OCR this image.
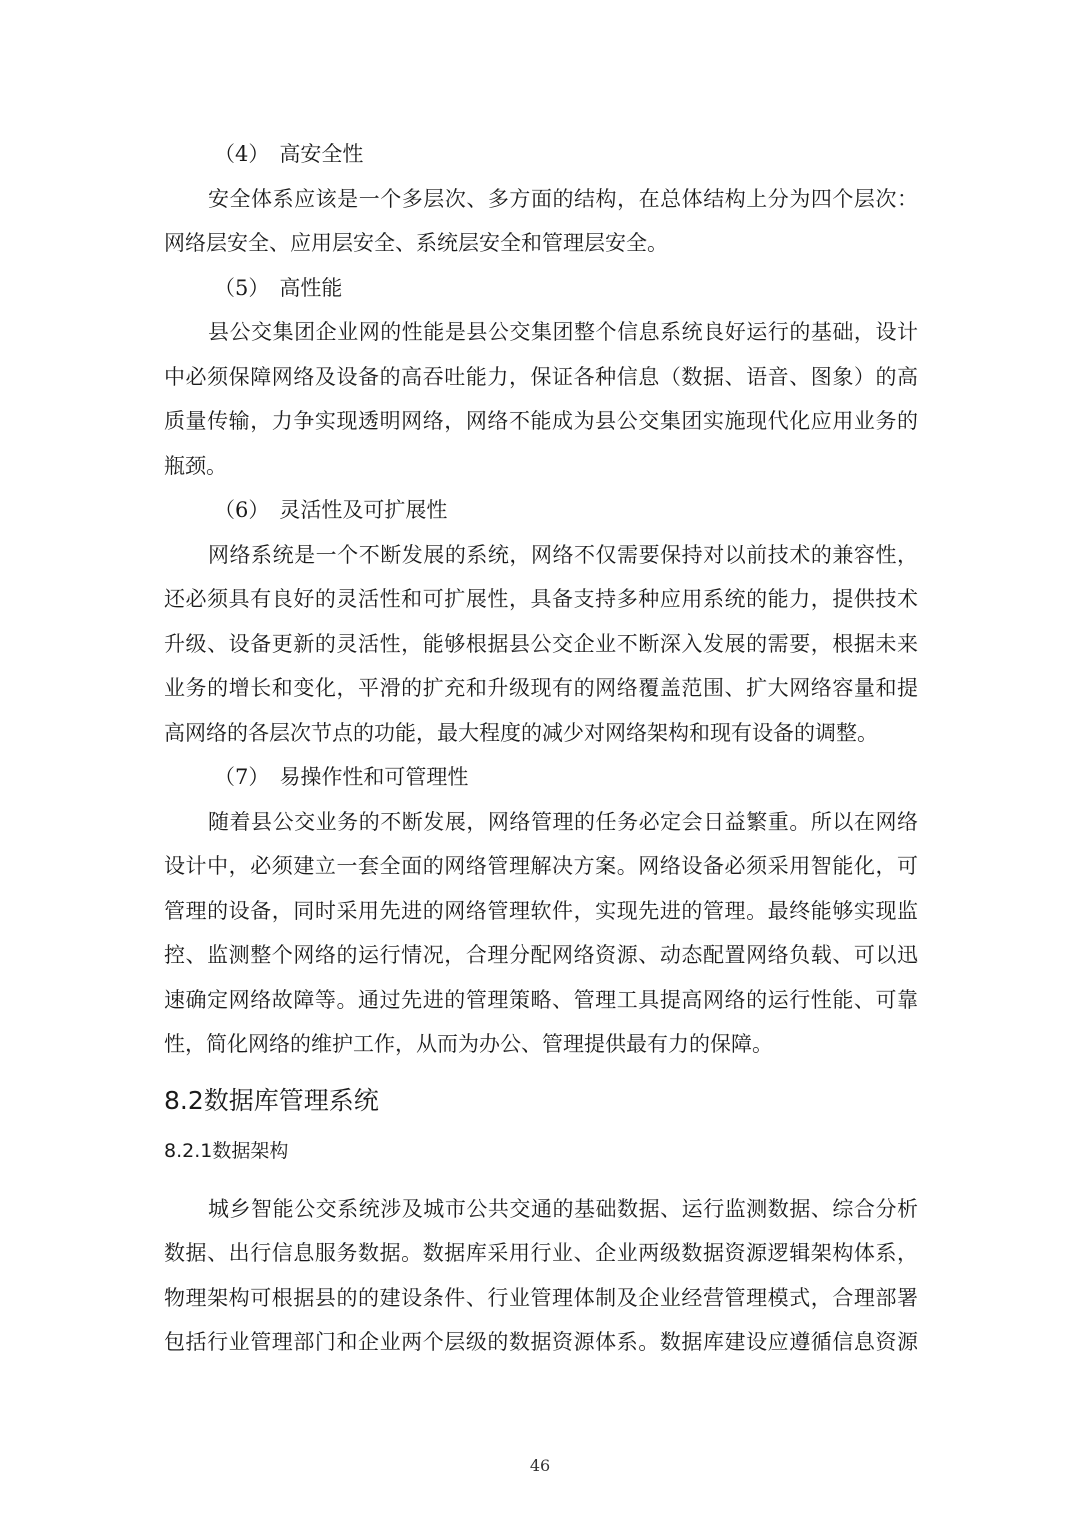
（4） 高安全性
安全体系应该是一个多层次、多方面的结构，在总体结构上分为四个层次：
网络层安全、应用层安全、系统层安全和管理层安全。
（5） 高性能
县公交集团企业网的性能是县公交集团整个信息系统良好运行的基础，设计
中必须保障网络及设备的高吞吐能力，保证各种信息（数据、语音、图象）的高
质量传输，力争实现透明网络，网络不能成为县公交集团实施现代化应用业务的
瓶颈。
（6） 灵活性及可扩展性
网络系统是一个不断发展的系统，网络不仅需要保持对以前技术的兼容性，
还必须具有良好的灵活性和可扩展性，具备支持多种应用系统的能力，提供技术
升级、设备更新的灵活性，能够根据县公交企业不断深入发展的需要，根据未来
业务的增长和变化，平滑的扩充和升级现有的网络覆盖范围、扩大网络容量和提
高网络的各层次节点的功能，最大程度的减少对网络架构和现有设备的调整。
（7） 易操作性和可管理性
随着县公交业务的不断发展，网络管理的任务必定会日益繁重。所以在网络
设计中，必须建立一套全面的网络管理解决方案。网络设备必须采用智能化，可
管理的设备，同时采用先进的网络管理软件，实现先进的管理。最终能够实现监
控、监测整个网络的运行情况，合理分配网络资源、动态配置网络负载、可以迅
速确定网络故障等。通过先进的管理策略、管理工具提高网络的运行性能、可靠
性，简化网络的维护工作，从而为办公、管理提供最有力的保障。
8.2数据库管理系统
8.2.1数据架构
城乡智能公交系统涉及城市公共交通的基础数据、运行监测数据、综合分析
数据、出行信息服务数据。数据库采用行业、企业两级数据资源逻辑架构体系，
物理架构可根据县的的建设条件、行业管理体制及企业经营管理模式，合理部署
包括行业管理部门和企业两个层级的数据资源体系。数据库建设应遵循信息资源
46
